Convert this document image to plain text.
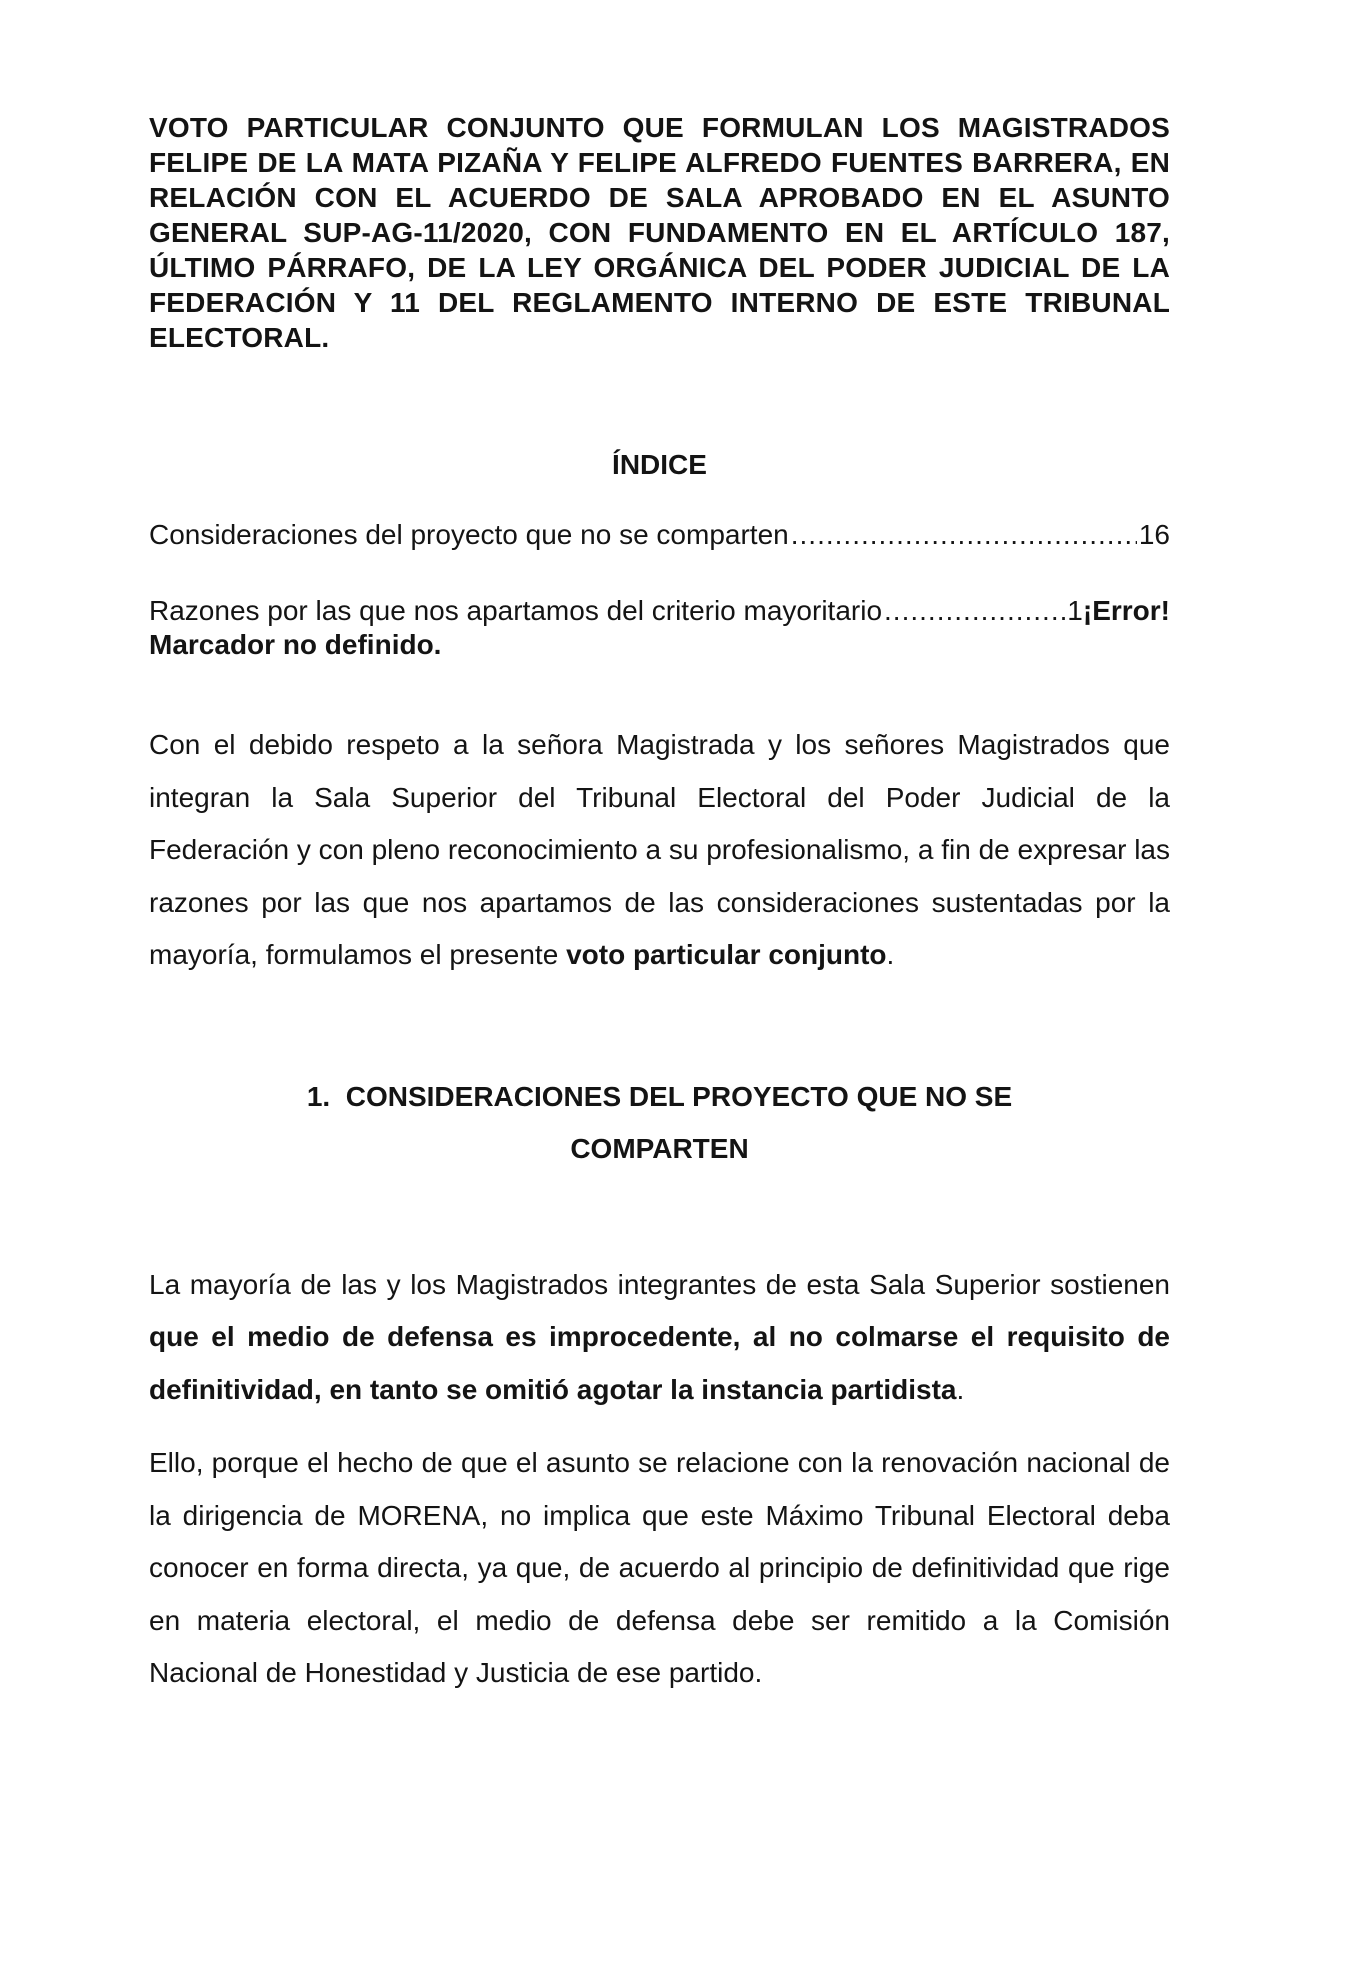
VOTO PARTICULAR CONJUNTO QUE FORMULAN LOS MAGISTRADOS FELIPE DE LA MATA PIZAÑA Y FELIPE ALFREDO FUENTES BARRERA, EN RELACIÓN CON EL ACUERDO DE SALA APROBADO EN EL ASUNTO GENERAL SUP-AG-11/2020, CON FUNDAMENTO EN EL ARTÍCULO 187, ÚLTIMO PÁRRAFO, DE LA LEY ORGÁNICA DEL PODER JUDICIAL DE LA FEDERACIÓN Y 11 DEL REGLAMENTO INTERNO DE ESTE TRIBUNAL ELECTORAL.

ÍNDICE

Consideraciones del proyecto que no se comparten .....	16
Razones por las que nos apartamos del criterio mayoritario .....	1 ¡Error!
Marcador no definido.

Con el debido respeto a la señora Magistrada y los señores Magistrados que integran la Sala Superior del Tribunal Electoral del Poder Judicial de la Federación y con pleno reconocimiento a su profesionalismo, a fin de expresar las razones por las que nos apartamos de las consideraciones sustentadas por la mayoría, formulamos el presente voto particular conjunto.

1. CONSIDERACIONES DEL PROYECTO QUE NO SE
COMPARTEN

La mayoría de las y los Magistrados integrantes de esta Sala Superior sostienen que el medio de defensa es improcedente, al no colmarse el requisito de definitividad, en tanto se omitió agotar la instancia partidista.

Ello, porque el hecho de que el asunto se relacione con la renovación nacional de la dirigencia de MORENA, no implica que este Máximo Tribunal Electoral deba conocer en forma directa, ya que, de acuerdo al principio de definitividad que rige en materia electoral, el medio de defensa debe ser remitido a la Comisión Nacional de Honestidad y Justicia de ese partido.
